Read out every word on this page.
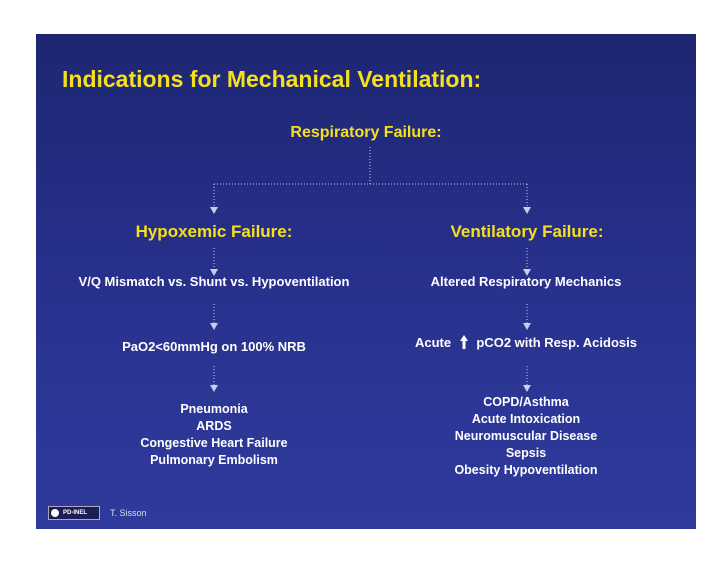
Indications for Mechanical Ventilation:
Respiratory Failure:
Hypoxemic Failure:
V/Q Mismatch vs. Shunt vs. Hypoventilation
PaO2<60mmHg on 100% NRB
Pneumonia
ARDS
Congestive Heart Failure
Pulmonary Embolism
Ventilatory Failure:
Altered Respiratory Mechanics
Acute pCO2 with Resp. Acidosis
COPD/Asthma
Acute Intoxication
Neuromuscular Disease
Sepsis
Obesity Hypoventilation
PD-INEL	T. Sisson
